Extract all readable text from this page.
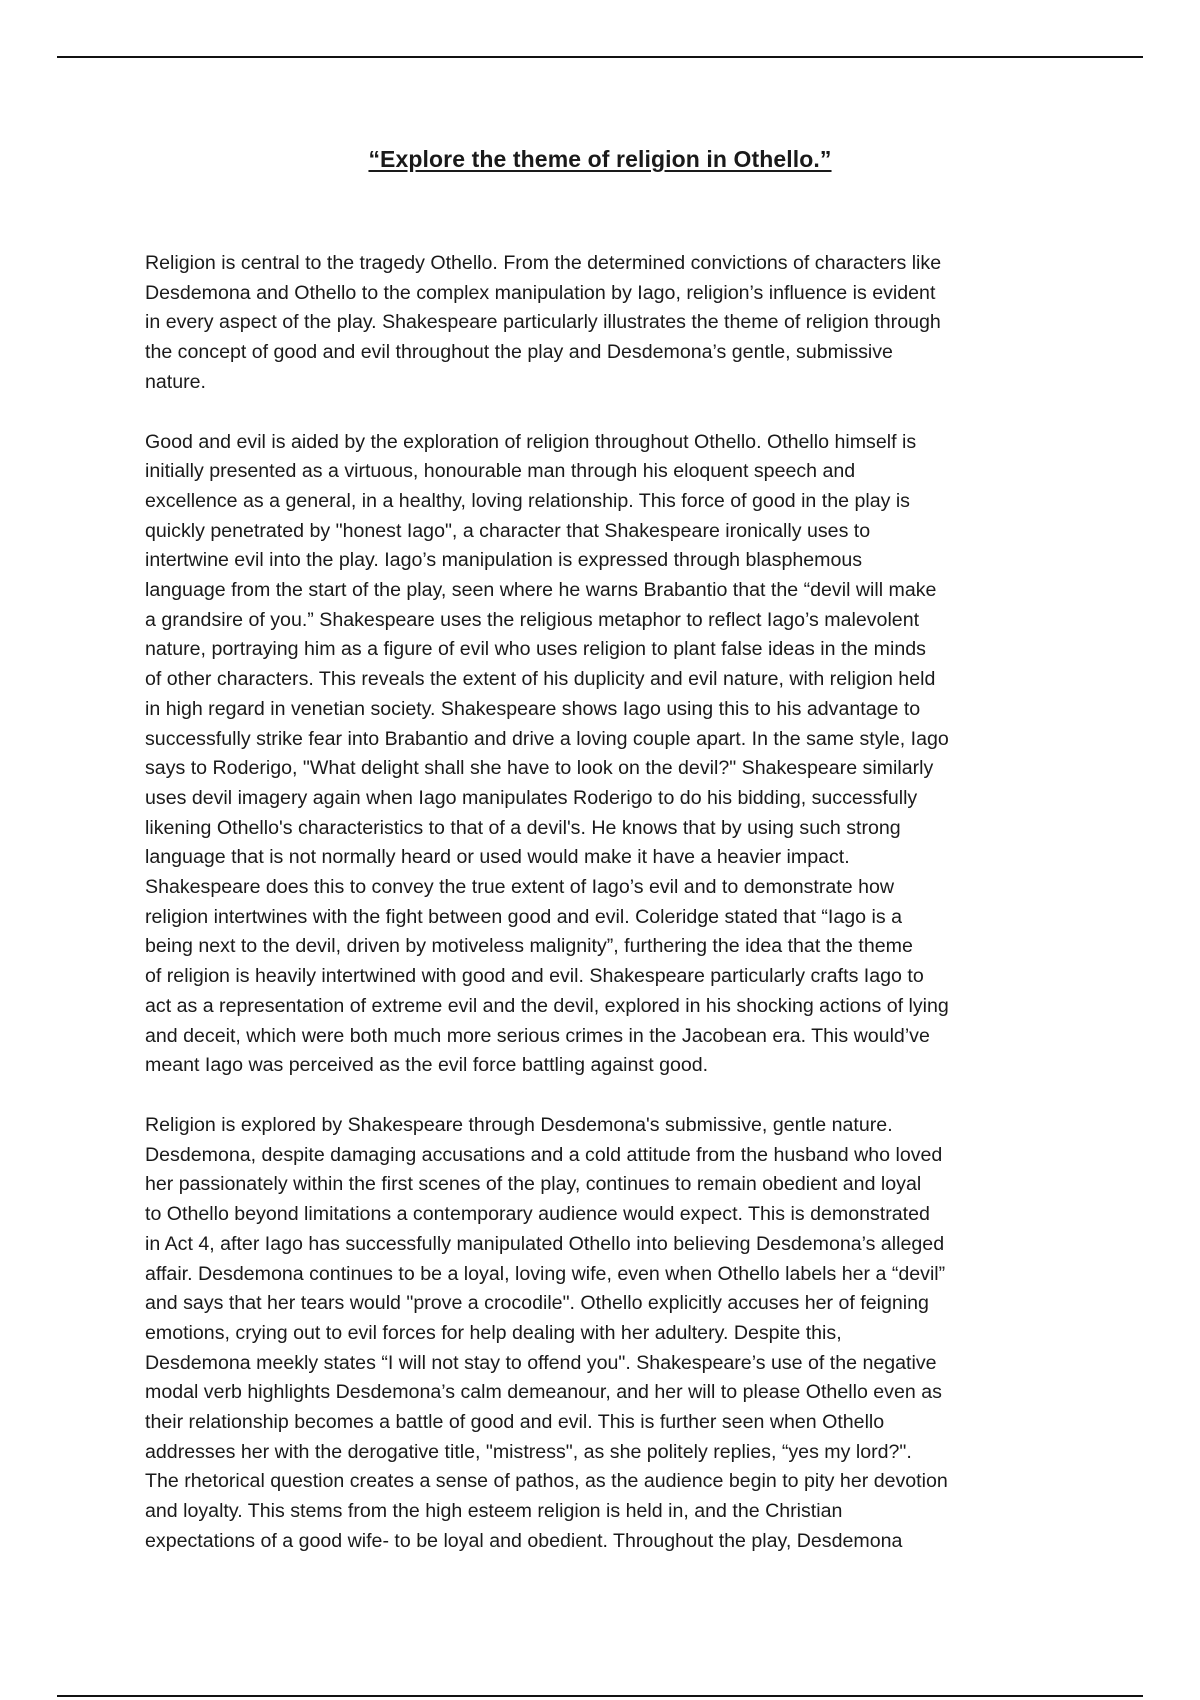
“Explore the theme of religion in Othello.”

Religion is central to the tragedy Othello. From the determined convictions of characters like
Desdemona and Othello to the complex manipulation by Iago, religion’s influence is evident
in every aspect of the play. Shakespeare particularly illustrates the theme of religion through
the concept of good and evil throughout the play and Desdemona’s gentle, submissive
nature.

Good and evil is aided by the exploration of religion throughout Othello. Othello himself is
initially presented as a virtuous, honourable man through his eloquent speech and
excellence as a general, in a healthy, loving relationship. This force of good in the play is
quickly penetrated by "honest Iago", a character that Shakespeare ironically uses to
intertwine evil into the play. Iago’s manipulation is expressed through blasphemous
language from the start of the play, seen where he warns Brabantio that the “devil will make
a grandsire of you.” Shakespeare uses the religious metaphor to reflect Iago’s malevolent
nature, portraying him as a figure of evil who uses religion to plant false ideas in the minds
of other characters. This reveals the extent of his duplicity and evil nature, with religion held
in high regard in venetian society. Shakespeare shows Iago using this to his advantage to
successfully strike fear into Brabantio and drive a loving couple apart. In the same style, Iago
says to Roderigo, "What delight shall she have to look on the devil?" Shakespeare similarly
uses devil imagery again when Iago manipulates Roderigo to do his bidding, successfully
likening Othello's characteristics to that of a devil's. He knows that by using such strong
language that is not normally heard or used would make it have a heavier impact.
Shakespeare does this to convey the true extent of Iago’s evil and to demonstrate how
religion intertwines with the fight between good and evil. Coleridge stated that “Iago is a
being next to the devil, driven by motiveless malignity”, furthering the idea that the theme
of religion is heavily intertwined with good and evil. Shakespeare particularly crafts Iago to
act as a representation of extreme evil and the devil, explored in his shocking actions of lying
and deceit, which were both much more serious crimes in the Jacobean era. This would’ve
meant Iago was perceived as the evil force battling against good.

Religion is explored by Shakespeare through Desdemona's submissive, gentle nature.
Desdemona, despite damaging accusations and a cold attitude from the husband who loved
her passionately within the first scenes of the play, continues to remain obedient and loyal
to Othello beyond limitations a contemporary audience would expect. This is demonstrated
in Act 4, after Iago has successfully manipulated Othello into believing Desdemona’s alleged
affair. Desdemona continues to be a loyal, loving wife, even when Othello labels her a “devil”
and says that her tears would "prove a crocodile". Othello explicitly accuses her of feigning
emotions, crying out to evil forces for help dealing with her adultery. Despite this,
Desdemona meekly states “I will not stay to offend you". Shakespeare’s use of the negative
modal verb highlights Desdemona’s calm demeanour, and her will to please Othello even as
their relationship becomes a battle of good and evil. This is further seen when Othello
addresses her with the derogative title, "mistress", as she politely replies, “yes my lord?".
The rhetorical question creates a sense of pathos, as the audience begin to pity her devotion
and loyalty. This stems from the high esteem religion is held in, and the Christian
expectations of a good wife- to be loyal and obedient. Throughout the play, Desdemona
